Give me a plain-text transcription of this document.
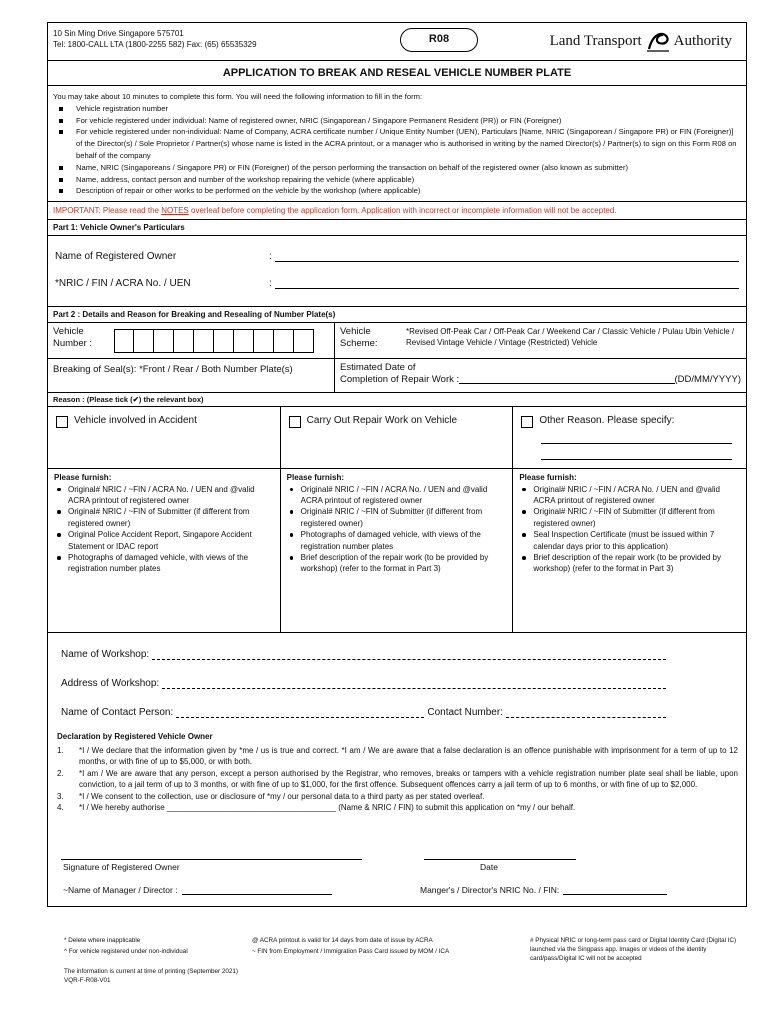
10 Sin Ming Drive Singapore 575701
Tel: 1800-CALL LTA (1800-2255 582) Fax: (65) 65535329	R08	Land Transport Authority
APPLICATION TO BREAK AND RESEAL VEHICLE NUMBER PLATE
You may take about 10 minutes to complete this form. You will need the following information to fill in the form:
Vehicle registration number
For vehicle registered under individual: Name of registered owner, NRIC (Singaporean / Singapore Permanent Resident (PR)) or FIN (Foreigner)
For vehicle registered under non-individual: Name of Company, ACRA certificate number / Unique Entity Number (UEN), Particulars [Name, NRIC (Singaporean / Singapore PR) or FIN (Foreigner)] of the Director(s) / Sole Proprietor / Partner(s) whose name is listed in the ACRA printout, or a manager who is authorised in writing by the named Director(s) / Partner(s) to sign on this Form R08 on behalf of the company
Name, NRIC (Singaporeans / Singapore PR) or FIN (Foreigner) of the person performing the transaction on behalf of the registered owner (also known as submitter)
Name, address, contact person and number of the workshop repairing the vehicle (where applicable)
Description of repair or other works to be performed on the vehicle by the workshop (where applicable)
IMPORTANT: Please read the NOTES overleaf before completing the application form. Application with incorrect or incomplete information will not be accepted.
Part 1: Vehicle Owner's Particulars
Name of Registered Owner	:
*NRIC / FIN / ACRA No. / UEN	:
Part 2 : Details and Reason for Breaking and Resealing of Number Plate(s)
Vehicle
Number :
Vehicle
Scheme:
*Revised Off-Peak Car / Off-Peak Car / Weekend Car / Classic Vehicle / Pulau Ubin Vehicle / Revised Vintage Vehicle / Vintage (Restricted) Vehicle
Breaking of Seal(s): *Front / Rear / Both Number Plate(s)	Estimated Date of
Completion of Repair Work :	(DD/MM/YYYY)
Reason : (Please tick (✔) the relevant box)
Vehicle involved in Accident
Please furnish:
Original# NRIC / ~FIN / ACRA No. / UEN and @valid ACRA printout of registered owner
Original# NRIC / ~FIN of Submitter (if different from registered owner)
Original Police Accident Report, Singapore Accident Statement or IDAC report
Photographs of damaged vehicle, with views of the registration number plates
Carry Out Repair Work on Vehicle
Please furnish:
Original# NRIC / ~FIN / ACRA No. / UEN and @valid ACRA printout of registered owner
Original# NRIC / ~FIN of Submitter (if different from registered owner)
Photographs of damaged vehicle, with views of the registration number plates
Brief description of the repair work (to be provided by workshop) (refer to the format in Part 3)
Other Reason. Please specify:
Please furnish:
Original# NRIC / ~FIN / ACRA No. / UEN and @valid ACRA printout of registered owner
Original# NRIC / ~FIN of Submitter (if different from registered owner)
Seal Inspection Certificate (must be issued within 7 calendar days prior to this application)
Brief description of the repair work (to be provided by workshop) (refer to the format in Part 3)
Name of Workshop:
Address of Workshop:
Name of Contact Person:	Contact Number:
Declaration by Registered Vehicle Owner
1. *I / We declare that the information given by *me / us is true and correct. *I am / We are aware that a false declaration is an offence punishable with imprisonment for a term of up to 12 months, or with fine of up to $5,000, or with both.
2. *I am / We are aware that any person, except a person authorised by the Registrar, who removes, breaks or tampers with a vehicle registration number plate seal shall be liable, upon conviction, to a jail term of up to 3 months, or with fine of up to $1,000, for the first offence. Subsequent offences carry a jail term of up to 6 months, or with fine of up to $2,000.
3. *I / We consent to the collection, use or disclosure of *my / our personal data to a third party as per stated overleaf.
4. *I / We hereby authorise ______________________________________ (Name & NRIC / FIN) to submit this application on *my / our behalf.
Signature of Registered Owner	Date
~Name of Manager / Director :	Manger's / Director's NRIC No. / FIN:
* Delete where inapplicable
^ For vehicle registered under non-individual
@ ACRA printout is valid for 14 days from date of issue by ACRA
~ FIN from Employment / Immigration Pass Card issued by MOM / ICA
# Physical NRIC or long-term pass card or Digital Identity Card (Digital IC) launched via the Singpass app. Images or videos of the identity card/pass/Digital IC will not be accepted
The information is current at time of printing (September 2021)
VQR-F-R08-V01
